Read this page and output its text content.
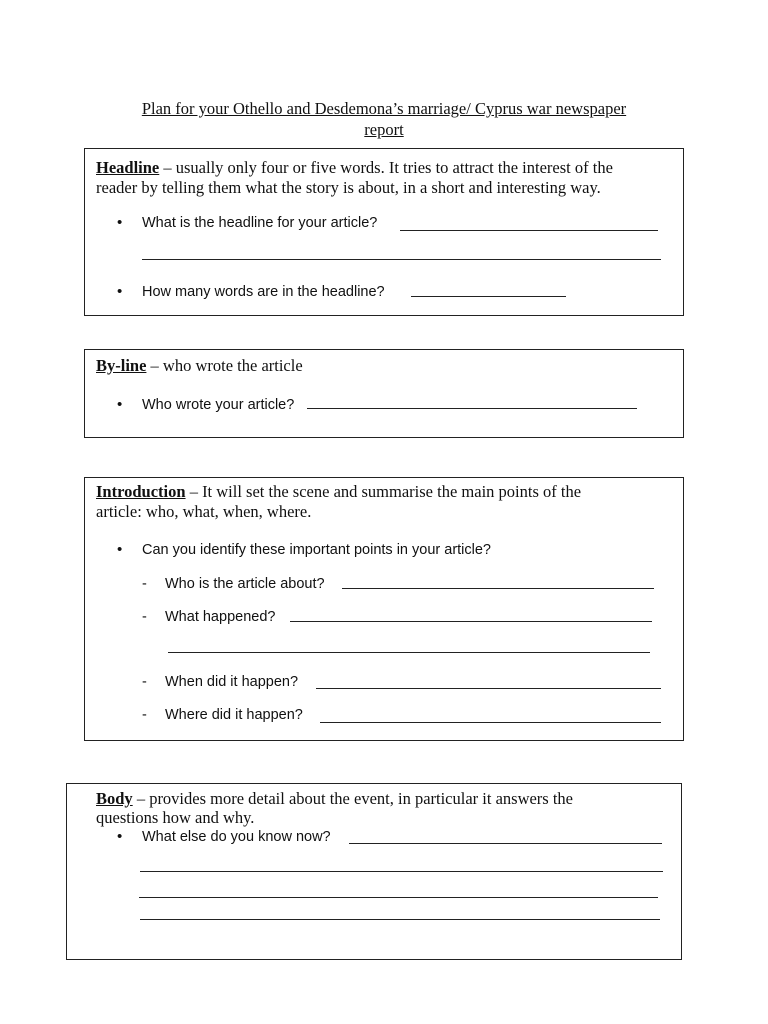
Plan for your Othello and Desdemona’s marriage/ Cyprus war newspaper
report
Headline – usually only four or five words. It tries to attract the interest of the
reader by telling them what the story is about, in a short and interesting way.
• What is the headline for your article?
• How many words are in the headline?
By-line – who wrote the article
• Who wrote your article?
Introduction – It will set the scene and summarise the main points of the
article: who, what, when, where.
• Can you identify these important points in your article?
- Who is the article about?
- What happened?
- When did it happen?
- Where did it happen?
Body – provides more detail about the event, in particular it answers the
questions how and why.
• What else do you know now?
